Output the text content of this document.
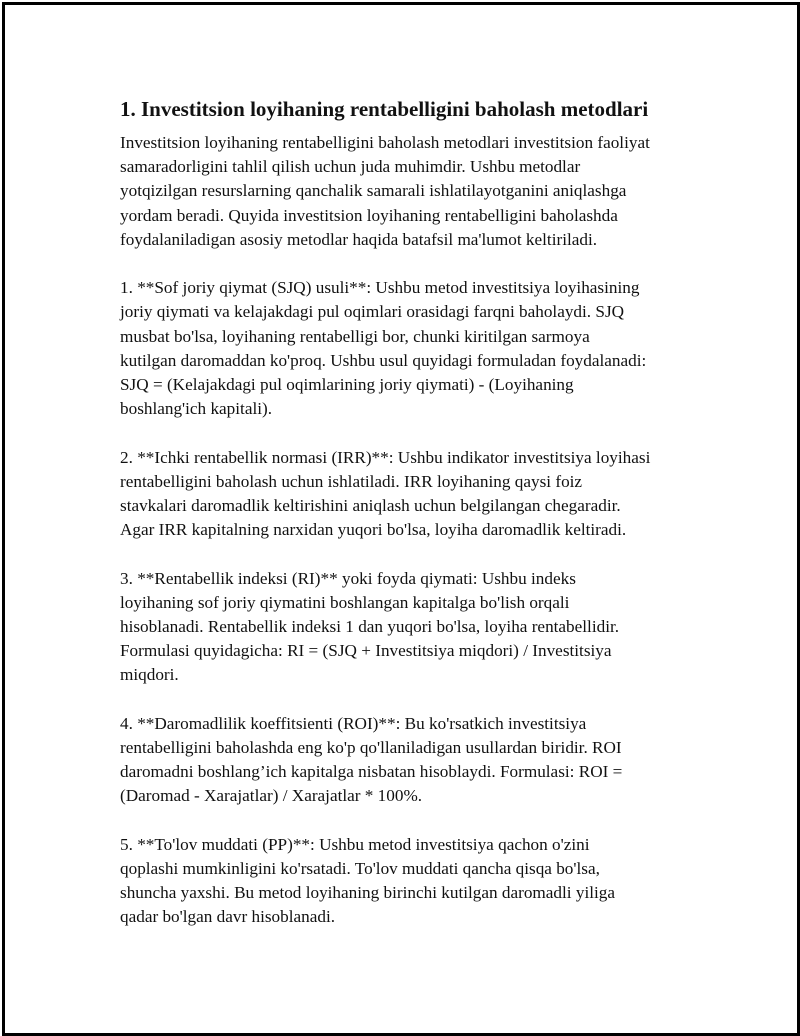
1. Investitsion loyihaning rentabelligini baholash metodlari
Investitsion loyihaning rentabelligini baholash metodlari investitsion faoliyat
samaradorligini tahlil qilish uchun juda muhimdir. Ushbu metodlar
yotqizilgan resurslarning qanchalik samarali ishlatilayotganini aniqlashga
yordam beradi. Quyida investitsion loyihaning rentabelligini baholashda
foydalaniladigan asosiy metodlar haqida batafsil ma'lumot keltiriladi.
1. **Sof joriy qiymat (SJQ) usuli**: Ushbu metod investitsiya loyihasining
joriy qiymati va kelajakdagi pul oqimlari orasidagi farqni baholaydi. SJQ
musbat bo'lsa, loyihaning rentabelligi bor, chunki kiritilgan sarmoya
kutilgan daromaddan ko'proq. Ushbu usul quyidagi formuladan foydalanadi:
SJQ = (Kelajakdagi pul oqimlarining joriy qiymati) - (Loyihaning
boshlang'ich kapitali).
2. **Ichki rentabellik normasi (IRR)**: Ushbu indikator investitsiya loyihasi
rentabelligini baholash uchun ishlatiladi. IRR loyihaning qaysi foiz
stavkalari daromadlik keltirishini aniqlash uchun belgilangan chegaradir.
Agar IRR kapitalning narxidan yuqori bo'lsa, loyiha daromadlik keltiradi.
3. **Rentabellik indeksi (RI)** yoki foyda qiymati: Ushbu indeks
loyihaning sof joriy qiymatini boshlangan kapitalga bo'lish orqali
hisoblanadi. Rentabellik indeksi 1 dan yuqori bo'lsa, loyiha rentabellidir.
Formulasi quyidagicha: RI = (SJQ + Investitsiya miqdori) / Investitsiya
miqdori.
4. **Daromadlilik koeffitsienti (ROI)**: Bu ko'rsatkich investitsiya
rentabelligini baholashda eng ko'p qo'llaniladigan usullardan biridir. ROI
daromadni boshlang’ich kapitalga nisbatan hisoblaydi. Formulasi: ROI =
(Daromad - Xarajatlar) / Xarajatlar * 100%.
5. **To'lov muddati (PP)**: Ushbu metod investitsiya qachon o'zini
qoplashi mumkinligini ko'rsatadi. To'lov muddati qancha qisqa bo'lsa,
shuncha yaxshi. Bu metod loyihaning birinchi kutilgan daromadli yiliga
qadar bo'lgan davr hisoblanadi.
